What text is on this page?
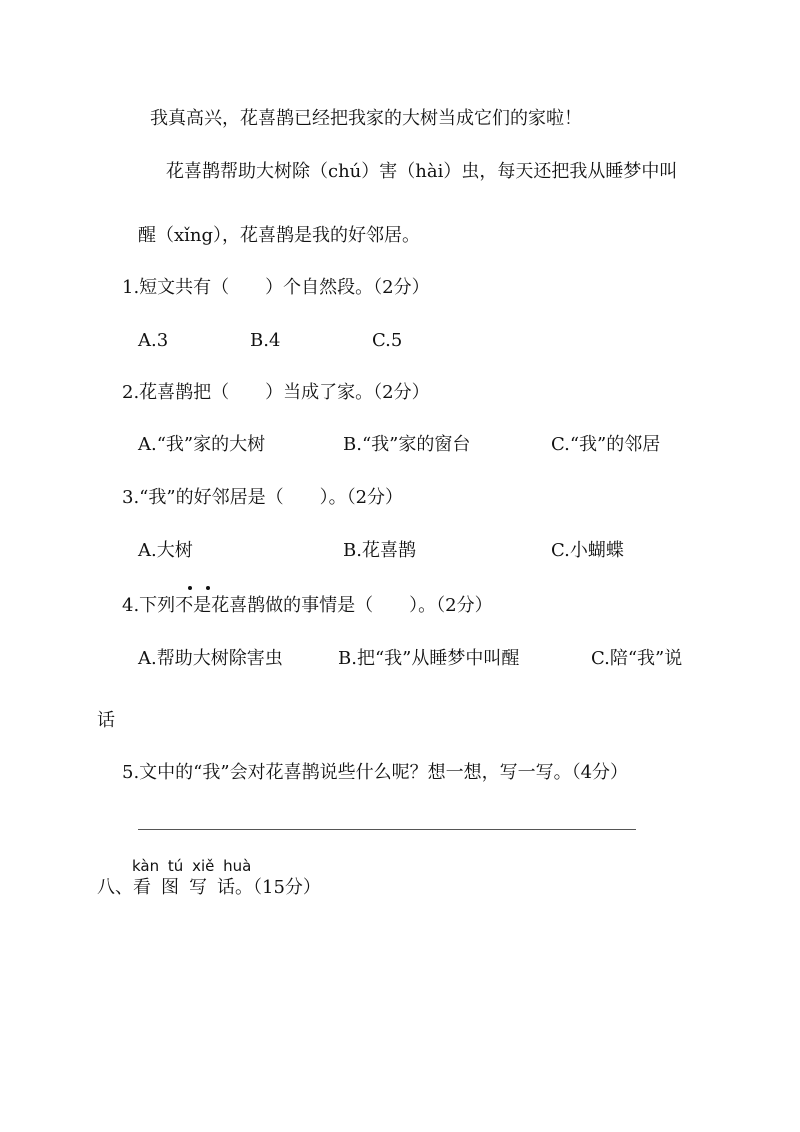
我真高兴，花喜鹊已经把我家的大树当成它们的家啦！
花喜鹊帮助大树除（chú）害（hài）虫，每天还把我从睡梦中叫
醒（xǐng），花喜鹊是我的好邻居。
1.短文共有（　　）个自然段。（2分）
A.3	B.4	C.5
2.花喜鹊把（　　）当成了家。（2分）
A.“我”家的大树	B.“我”家的窗台	C.“我”的邻居
3.“我”的好邻居是（　　）。（2分）
A.大树	B.花喜鹊	C.小蝴蝶
4.下列不是花喜鹊做的事情是（　　）。（2分）
A.帮助大树除害虫	B.把“我”从睡梦中叫醒	C.陪“我”说
话
5.文中的“我”会对花喜鹊说些什么呢？想一想，写一写。（4分）
kàn tú xiě huà
八、看图写话。（15分）
